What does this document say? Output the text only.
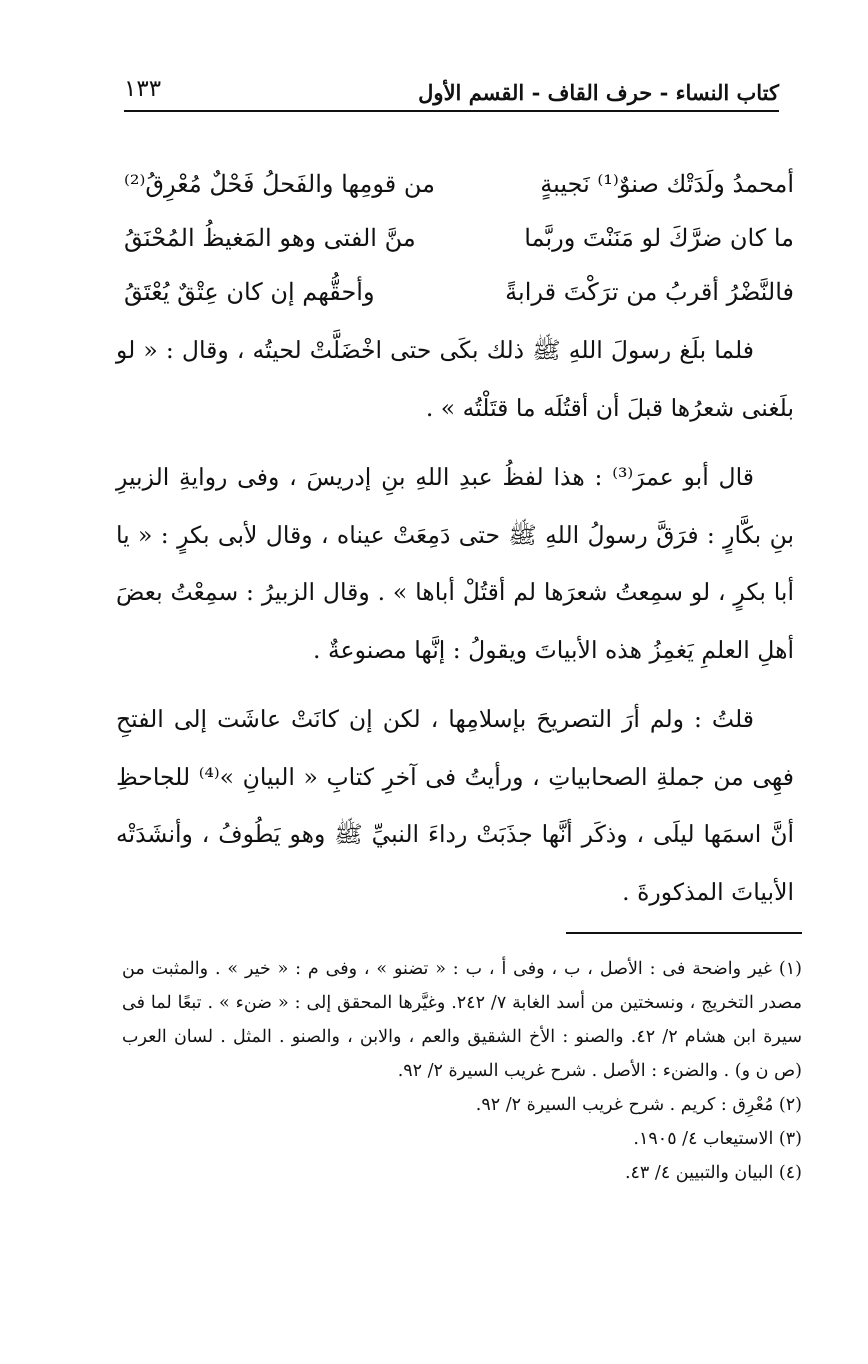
كتاب النساء - حرف القاف - القسم الأول
١٣٣
أمحمدُ ولَدَتْك صنوٌ⁽¹⁾ نَجيبةٍ
من قومِها والفَحلُ فَحْلٌ مُعْرِقُ⁽²⁾
ما كان ضرَّكَ لو مَنَنْتَ وربَّما
منَّ الفتى وهو المَغيظُ المُحْنَقُ
فالنَّضْرُ أقربُ من ترَكْتَ قرابةً
وأحقُّهم إن كان عِتْقٌ يُعْتَقُ

فلما بلَغ رسولَ اللهِ ﷺ ذلك بكَى حتى اخْضَلَّتْ لحيتُه ، وقال : « لو بلَغنى شعرُها قبلَ أن أقتُلَه ما قتَلْتُه » .

قال أبو عمرَ⁽³⁾ : هذا لفظُ عبدِ اللهِ بنِ إدريسَ ، وفى روايةِ الزبيرِ بنِ بكَّارٍ : فرَقَّ رسولُ اللهِ ﷺ حتى دَمِعَتْ عيناه ، وقال لأبى بكرٍ : « يا أبا بكرٍ ، لو سمِعتُ شعرَها لم أقتُلْ أباها » . وقال الزبيرُ : سمِعْتُ بعضَ أهلِ العلمِ يَغمِزُ هذه الأبياتَ ويقولُ : إنَّها مصنوعةٌ .

قلتُ : ولم أرَ التصريحَ بإسلامِها ، لكن إن كانَتْ عاشَت إلى الفتحِ فهِى من جملةِ الصحابياتِ ، ورأيتُ فى آخرِ كتابِ « البيانِ »⁽⁴⁾ للجاحظِ أنَّ اسمَها ليلَى ، وذكَر أنَّها جذَبَتْ رداءَ النبيِّ ﷺ وهو يَطُوفُ ، وأنشَدَتْه الأبياتَ المذكورةَ .

(١) غير واضحة فى : الأصل ، ب ، وفى أ ، ب : « تضنو » ، وفى م : « خير » . والمثبت من مصدر التخريج ، ونسختين من أسد الغابة ٧/ ٢٤٢. وغيَّرها المحقق إلى : « ضنء » . تبعًا لما فى سيرة ابن هشام ٢/ ٤٢. والصنو : الأخ الشقيق والعم ، والابن ، والصنو . المثل . لسان العرب (ص ن و) . والضنء : الأصل . شرح غريب السيرة ٢/ ٩٢.

(٢) مُعْرِق : كريم . شرح غريب السيرة ٢/ ٩٢.

(٣) الاستيعاب ٤/ ١٩٠٥.

(٤) البيان والتبيين ٤/ ٤٣.
